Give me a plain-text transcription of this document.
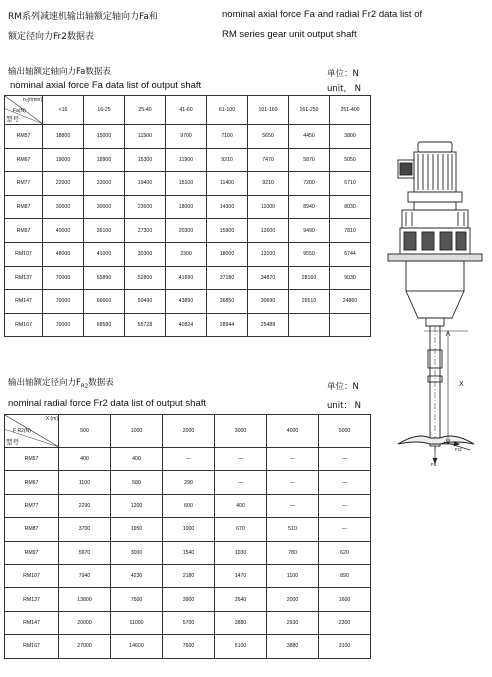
RM系列减速机输出轴额定轴向力Fa和
额定径向力Fr2数据表
nominal axial force Fa and radial Fr2 data list of
RM series gear unit output shaft
输出轴额定轴向力Fa数据表
nominal axial force Fa data list of output shaft
单位：N
unit， N
n₂(r/min)
Fa(N)
型号	<16	16-25	25-40	41-60	61-100	101-160	161-250	251-400
RM57	18800	15000	11500	9700	7100	5650	4450	3800
RM67	19000	18900	15300	11900	9210	7470	5870	5050
RM77	22000	22000	19400	15100	11400	9210	7200	6710
RM87	30000	30000	23600	18000	14300	11000	8940	8030
RM97	40000	36100	27300	20300	15900	12600	9490	7810
RM107	48000	41000	30300	2300	18000	13100	9550	6744
RM137	70000	65890	52800	41690	37180	34870	28160	9030
RM147	70000	66660	50490	43890	36850	30690	26510	24860
RM167	70000	68580	55728	40824	28944	25488		
输出轴额定径向力$F_{R2}$数据表
nominal radial force Fr2 data list of output shaft
单位：N
unit： N
X (m)
F R2(N)
型号	500	1000	2000	3000	4000	5000
RM57	400	400	—	—	—	—
RM67	1100	580	290	—	—	—
RM77	2290	1200	600	400	—	—
RM87	3700	1950	1000	670	510	—
RM97	5670	3000	1540	1030	780	620
RM107	7940	4230	2180	1470	1100	890
RM137	13800	7500	3900	2640	2000	1600
RM147	20000	11000	5700	3880	2930	2300
RM167	27000	14600	7600	5100	3880	3100
X
Fr2
Fa
